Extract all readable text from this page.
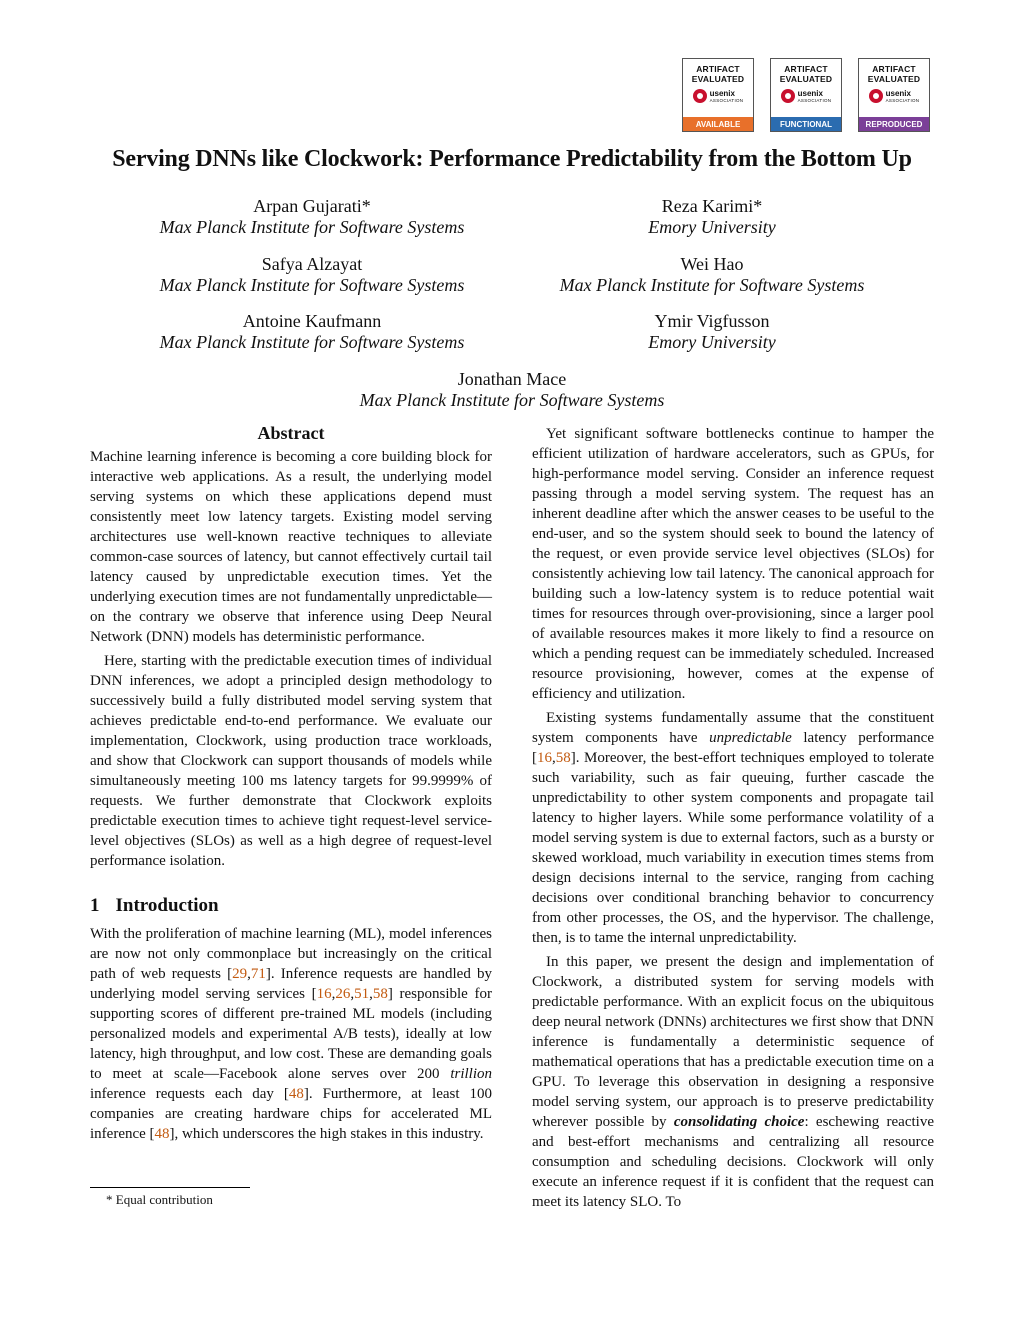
ARTIFACT
EVALUATED
usenix
ASSOCIATION
AVAILABLE
ARTIFACT
EVALUATED
usenix
ASSOCIATION
FUNCTIONAL
ARTIFACT
EVALUATED
usenix
ASSOCIATION
REPRODUCED
Serving DNNs like Clockwork: Performance Predictability from the Bottom Up
Arpan Gujarati*
Max Planck Institute for Software Systems
Reza Karimi*
Emory University
Safya Alzayat
Max Planck Institute for Software Systems
Wei Hao
Max Planck Institute for Software Systems
Antoine Kaufmann
Max Planck Institute for Software Systems
Ymir Vigfusson
Emory University
Jonathan Mace
Max Planck Institute for Software Systems
Abstract

Machine learning inference is becoming a core building block for interactive web applications. As a result, the underlying model serving systems on which these applications depend must consistently meet low latency targets. Existing model serving architectures use well-known reactive techniques to alleviate common-case sources of latency, but cannot effectively curtail tail latency caused by unpredictable execution times. Yet the underlying execution times are not fundamentally unpredictable—on the contrary we observe that inference using Deep Neural Network (DNN) models has deterministic performance.

Here, starting with the predictable execution times of individual DNN inferences, we adopt a principled design methodology to successively build a fully distributed model serving system that achieves predictable end-to-end performance. We evaluate our implementation, Clockwork, using production trace workloads, and show that Clockwork can support thousands of models while simultaneously meeting 100 ms latency targets for 99.9999% of requests. We further demonstrate that Clockwork exploits predictable execution times to achieve tight request-level service-level objectives (SLOs) as well as a high degree of request-level performance isolation.

1 Introduction

With the proliferation of machine learning (ML), model inferences are now not only commonplace but increasingly on the critical path of web requests [29,71]. Inference requests are handled by underlying model serving services [16,26,51,58] responsible for supporting scores of different pre-trained ML models (including personalized models and experimental A/B tests), ideally at low latency, high throughput, and low cost. These are demanding goals to meet at scale—Facebook alone serves over 200 trillion inference requests each day [48]. Furthermore, at least 100 companies are creating hardware chips for accelerated ML inference [48], which underscores the high stakes in this industry.

Yet significant software bottlenecks continue to hamper the efficient utilization of hardware accelerators, such as GPUs, for high-performance model serving. Consider an inference request passing through a model serving system. The request has an inherent deadline after which the answer ceases to be useful to the end-user, and so the system should seek to bound the latency of the request, or even provide service level objectives (SLOs) for consistently achieving low tail latency. The canonical approach for building such a low-latency system is to reduce potential wait times for resources through over-provisioning, since a larger pool of available resources makes it more likely to find a resource on which a pending request can be immediately scheduled. Increased resource provisioning, however, comes at the expense of efficiency and utilization.

Existing systems fundamentally assume that the constituent system components have unpredictable latency performance [16,58]. Moreover, the best-effort techniques employed to tolerate such variability, such as fair queuing, further cascade the unpredictability to other system components and propagate tail latency to higher layers. While some performance volatility of a model serving system is due to external factors, such as a bursty or skewed workload, much variability in execution times stems from design decisions internal to the service, ranging from caching decisions over conditional branching behavior to concurrency from other processes, the OS, and the hypervisor. The challenge, then, is to tame the internal unpredictability.

In this paper, we present the design and implementation of Clockwork, a distributed system for serving models with predictable performance. With an explicit focus on the ubiquitous deep neural network (DNNs) architectures we first show that DNN inference is fundamentally a deterministic sequence of mathematical operations that has a predictable execution time on a GPU. To leverage this observation in designing a responsive model serving system, our approach is to preserve predictability wherever possible by consolidating choice: eschewing reactive and best-effort mechanisms and centralizing all resource consumption and scheduling decisions. Clockwork will only execute an inference request if it is confident that the request can meet its latency SLO. To

* Equal contribution
